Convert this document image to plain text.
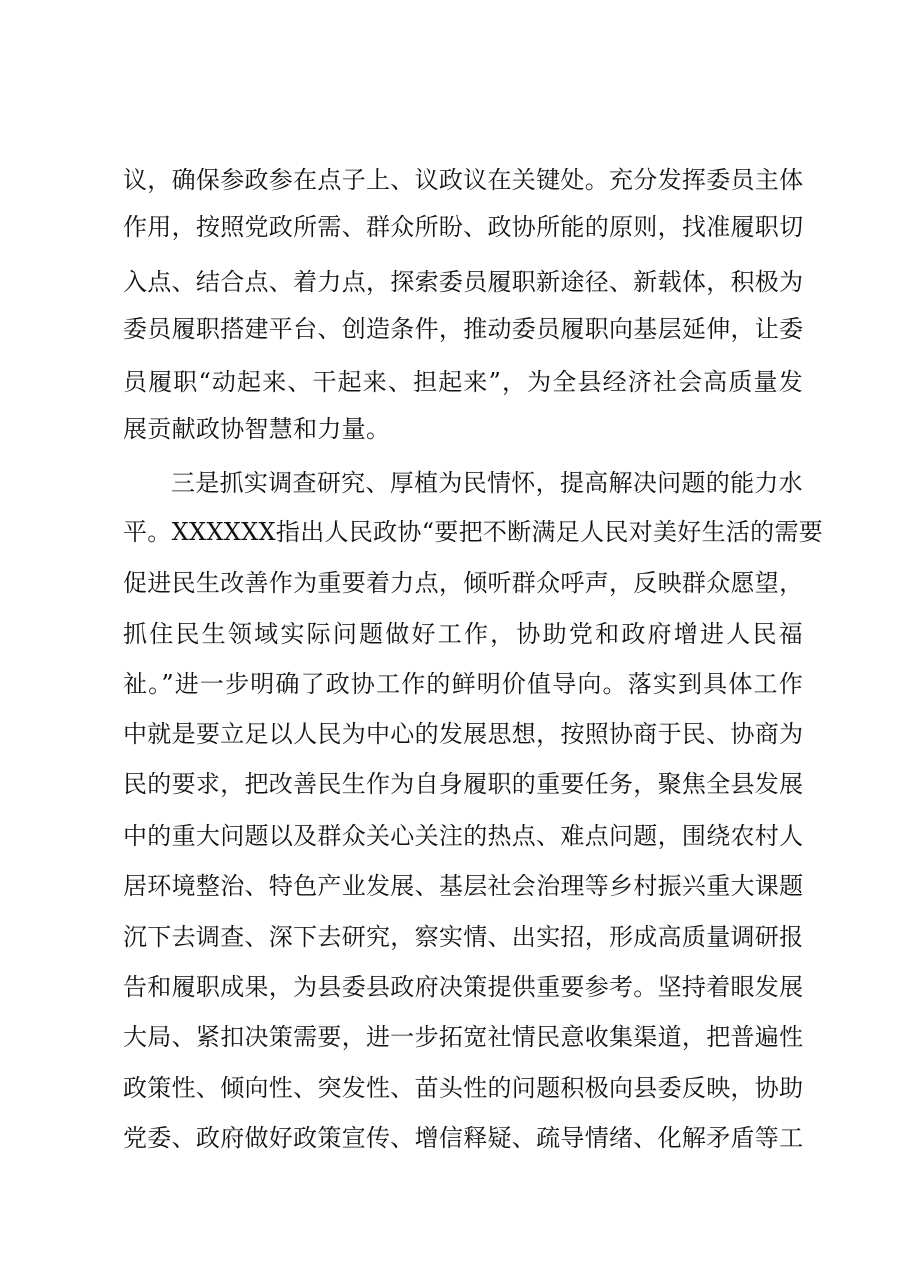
议，确保参政参在点子上、议政议在关键处。充分发挥委员主体
作用，按照党政所需、群众所盼、政协所能的原则，找准履职切
入点、结合点、着力点，探索委员履职新途径、新载体，积极为
委员履职搭建平台、创造条件，推动委员履职向基层延伸，让委
员履职“动起来、干起来、担起来”，为全县经济社会高质量发
展贡献政协智慧和力量。
三是抓实调查研究、厚植为民情怀，提高解决问题的能力水
平。XXXXXX指出人民政协“要把不断满足人民对美好生活的需要
促进民生改善作为重要着力点，倾听群众呼声，反映群众愿望，
抓住民生领域实际问题做好工作，协助党和政府增进人民福
祉。”进一步明确了政协工作的鲜明价值导向。落实到具体工作
中就是要立足以人民为中心的发展思想，按照协商于民、协商为
民的要求，把改善民生作为自身履职的重要任务，聚焦全县发展
中的重大问题以及群众关心关注的热点、难点问题，围绕农村人
居环境整治、特色产业发展、基层社会治理等乡村振兴重大课题
沉下去调查、深下去研究，察实情、出实招，形成高质量调研报
告和履职成果，为县委县政府决策提供重要参考。坚持着眼发展
大局、紧扣决策需要，进一步拓宽社情民意收集渠道，把普遍性
政策性、倾向性、突发性、苗头性的问题积极向县委反映，协助
党委、政府做好政策宣传、增信释疑、疏导情绪、化解矛盾等工
